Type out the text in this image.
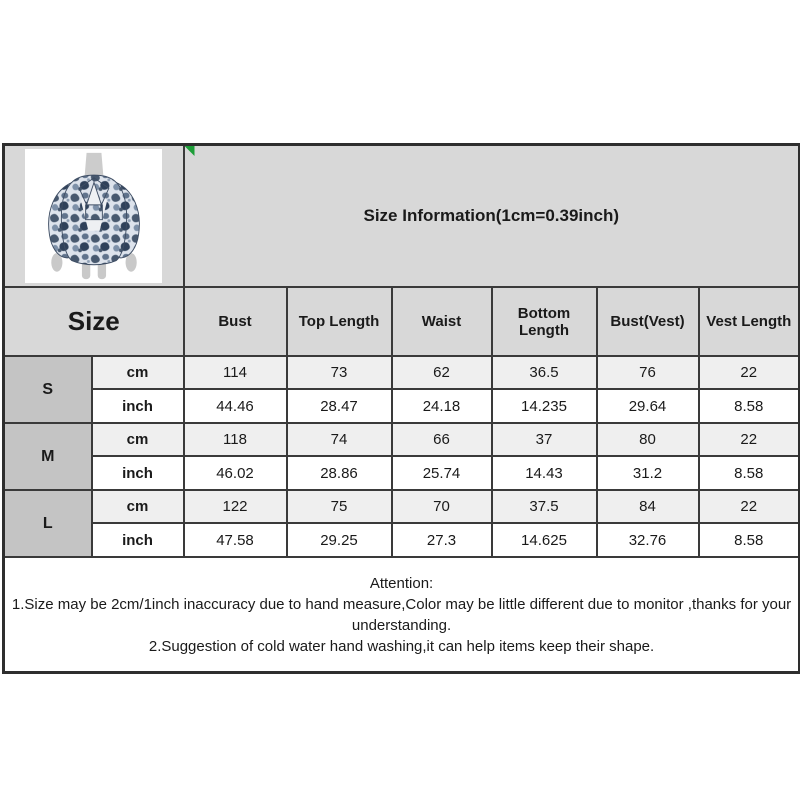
Size Information(1cm=0.39inch)					
Size		Bust	Top Length	Waist	Bottom Length	Bust(Vest)	Vest Length
S	cm	114	73	62	36.5	76	22
	inch	44.46	28.47	24.18	14.235	29.64	8.58
M	cm	118	74	66	37	80	22
	inch	46.02	28.86	25.74	14.43	31.2	8.58
L	cm	122	75	70	37.5	84	22
	inch	47.58	29.25	27.3	14.625	32.76	8.58

Attention:
1.Size may be 2cm/1inch inaccuracy due to hand measure,Color may be little different due to monitor ,thanks for your understanding.
2.Suggestion of cold water hand washing,it can help items keep their shape.							
